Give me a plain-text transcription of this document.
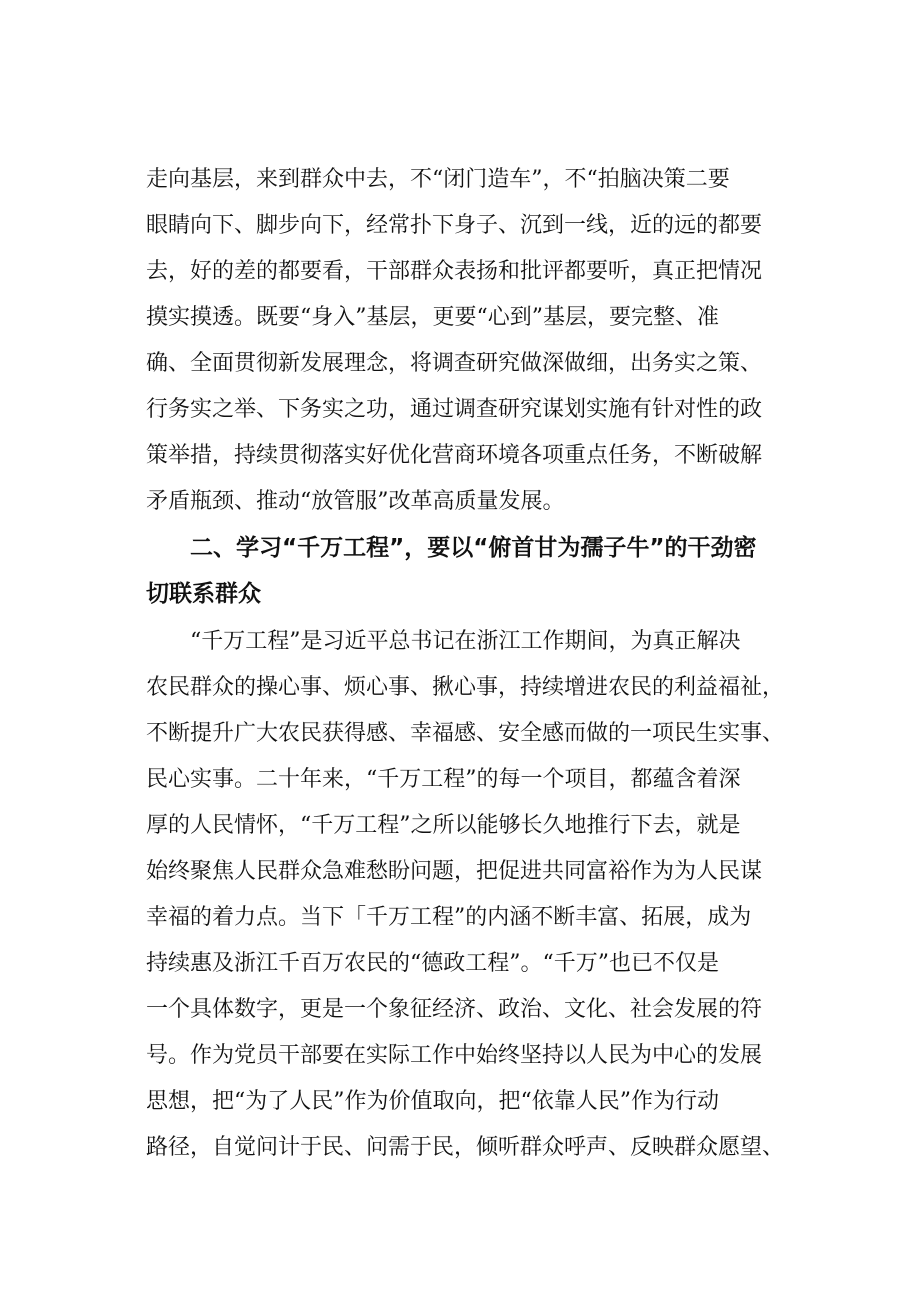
走向基层，来到群众中去，不“闭门造车”，不“拍脑决策二要

眼睛向下、脚步向下，经常扑下身子、沉到一线，近的远的都要

去，好的差的都要看，干部群众表扬和批评都要听，真正把情况

摸实摸透。既要“身入”基层，更要“心到”基层，要完整、准

确、全面贯彻新发展理念，将调查研究做深做细，出务实之策、

行务实之举、下务实之功，通过调查研究谋划实施有针对性的政

策举措，持续贯彻落实好优化营商环境各项重点任务，不断破解

矛盾瓶颈、推动“放管服”改革高质量发展。

二、学习“千万工程”，要以“俯首甘为孺子牛”的干劲密

切联系群众

“千万工程”是习近平总书记在浙江工作期间，为真正解决

农民群众的操心事、烦心事、揪心事，持续增进农民的利益福祉，

不断提升广大农民获得感、幸福感、安全感而做的一项民生实事、

民心实事。二十年来，“千万工程”的每一个项目，都蕴含着深

厚的人民情怀，“千万工程”之所以能够长久地推行下去，就是

始终聚焦人民群众急难愁盼问题，把促进共同富裕作为为人民谋

幸福的着力点。当下「千万工程”的内涵不断丰富、拓展，成为

持续惠及浙江千百万农民的“德政工程”。“千万”也已不仅是

一个具体数字，更是一个象征经济、政治、文化、社会发展的符

号。作为党员干部要在实际工作中始终坚持以人民为中心的发展

思想，把“为了人民”作为价值取向，把“依靠人民”作为行动

路径，自觉问计于民、问需于民，倾听群众呼声、反映群众愿望、
